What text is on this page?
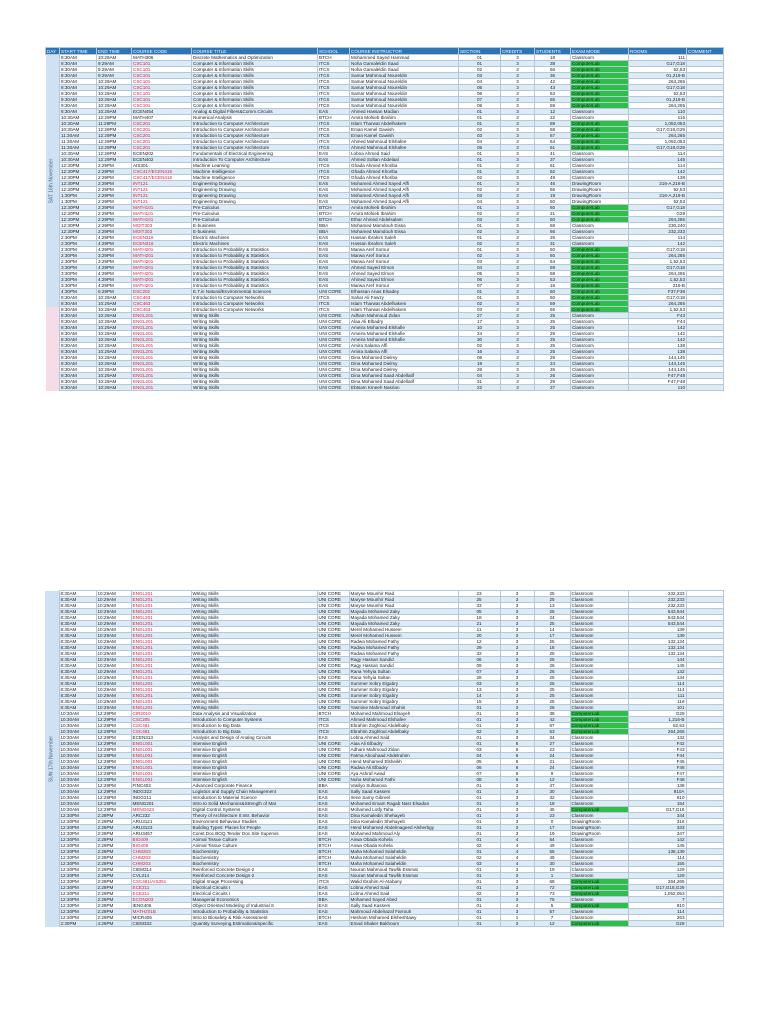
DAY	START TIME	END TIME	COURSE CODE	COURSE TITLE	SCHOOL	COURSE INSTRUCTOR	SECTION	CREDITS	STUDENTS	EXAM MODE	ROOMS	COMMENT

SAT 16th November	8:30AM	10:29AM	MATH306	Discrete Mathematics and Optimization	BTCH	Mohammed Sayed Hammad	01	3	18	Classroom	111	
	8:30AM	9:29AM	CSC101	Computer & Information Skills	ITCS	Noha Gamaleldin Saad	01	3	38	ComputerLab	G17,G18	
	8:30AM	9:29AM	CSC101	Computer & Information Skills	ITCS	Noha Gamaleldin Saad	02	3	56	ComputerLab	52,53	
	8:30AM	9:29AM	CSC101	Computer & Information Skills	ITCS	Samar Mahmoud Noureldin	03	3	36	ComputerLab	01,216-B	
	8:30AM	10:29AM	CSC101	Computer & Information Skills	ITCS	Samar Mahmoud Noureldin	04	3	42	ComputerLab	264,265	
	8:30AM	10:29AM	CSC101	Computer & Information Skills	ITCS	Samar Mahmoud Noureldin	05	3	43	ComputerLab	G17,G18	
	8:30AM	10:29AM	CSC101	Computer & Information Skills	ITCS	Samar Mahmoud Noureldin	06	3	53	ComputerLab	52,53	
	9:30AM	10:29AM	CSC101	Computer & Information Skills	ITCS	Samar Mahmoud Noureldin	07	3	65	ComputerLab	01,216-B	
	9:30AM	10:29AM	CSC101	Computer & Information Skills	ITCS	Samar Mahmoud Noureldin	08	3	59	ComputerLab	264,265	
	8:30AM	10:29AM	ECEN454	Analog & Digital Filters&Comm.Circuits	EAS	Ahmed Hassan Madian	01	3	12	Classroom	110	
	10:30AM	12:29PM	MATH407	Numerical Analysis	BTCH	Amira Mohieb Ibrahim	01	3	22	Classroom	116	
	10:30AM	11:29PM	CSC201	Introduction to Computer Architecture	ITCS	Islam Tharwat Abdelhakem	01	3	89	ComputerLab	1,052,053	
	10:30AM	12:29PM	CSC201	Introduction to Computer Architecture	ITCS	Eman Kamel Gawish	02	3	68	ComputerLab	G17,G18,G29	
	11:30AM	12:29PM	CSC201	Introduction to Computer Architecture	ITCS	Eman Kamel Gawish	03	3	67	ComputerLab	264,265	
	11:30AM	12:29PM	CSC201	Introduction to Computer Architecture	ITCS	Ahmed Mahmoud Elshafee	04	3	64	ComputerLab	1,052,053	
	11:30AM	12:29PM	CSC201	Introduction to Computer Architecture	ITCS	Ahmed Mahmoud Elshafee	05	3	61	ComputerLab	G17,G18,G29	
	10:30AM	12:29PM	ECEN202	Fundamentals of Electrical Engineering	EAS	Lobna Ahmed Said	01	3	41	Classroom	114	
	10:30AM	12:29PM	ECEN402	Introduction To Computer Architecture	EAS	Ahmed Soltan Abdelaal	01	3	37	Classroom	145	
	12:30PM	2:29PM	AIS301	Machine Learning	ITCS	Ghada Ahmed Khoriba	01	3	61	Classroom	114	
	12:30PM	2:29PM	CSC417/ECEN415	Machine Intelligence	ITCS	Ghada Ahmed Khoriba	01	3	52	Classroom	142	
	12:30PM	2:29PM	CSC417/ECEN415	Machine Intelligence	ITCS	Ghada Ahmed Khoriba	02	3	49	Classroom	138	
	12:30PM	2:29PM	INT121	Engineering Drawing	EAS	Mohamed Ahmed Sayed Affi	01	3	46	DrawingRoom	216-A,216-B	
	12:30PM	2:29PM	INT121	Engineering Drawing	EAS	Mohamed Ahmed Sayed Affi	02	3	56	DrawingRoom	52,53	
	1:30PM	2:29PM	INT121	Engineering Drawing	EAS	Mohamed Ahmed Sayed Affi	03	3	19	DrawingRoom	216-A,216-B	
	1:30PM	2:29PM	INT121	Engineering Drawing	EAS	Mohamed Ahmed Sayed Affi	04	3	60	DrawingRoom	52,53	
	12:30PM	2:29PM	MATH101	Pre-Calculus	BTCH	Amira Mohieb Ibrahim	01	3	60	ComputerLab	G17,G18	
	12:30PM	2:29PM	MATH101	Pre-Calculus	BTCH	Amira Mohieb Ibrahim	02	3	21	ComputerLab	G29	
	12:30PM	2:29PM	MATH101	Pre-Calculus	BTCH	Ethar Ahmed Abdelsalam	03	3	50	ComputerLab	264,265	
	12:30PM	2:29PM	MOIT303	E-business	BBA	Mohamed Mamdouh Eissa	01	3	68	Classroom	230,240	
	12:30PM	2:29PM	MOIT303	E-business	BBA	Mohamed Mamdouh Eissa	02	3	66	Classroom	232,233	
	2:30PM	4:29PM	ECEN316	Electric Machines	EAS	Hassan Ibrahim Saleh	01	3	25	Classroom	114	
	2:30PM	4:29PM	ECEN316	Electric Machines	EAS	Hassan Ibrahim Saleh	02	3	31	Classroom	142	
	2:30PM	4:29PM	MATH201	Introduction to Probability & Statistics	EAS	Marwa Aref Sorour	01	3	60	ComputerLab	G17,G18	
	2:30PM	3:29PM	MATH201	Introduction to Probability & Statistics	EAS	Marwa Aref Sorour	02	3	60	ComputerLab	264,265	
	2:30PM	3:29PM	MATH201	Introduction to Probability & Statistics	EAS	Marwa Aref Sorour	03	3	54	ComputerLab	1,52,53	
	3:30PM	4:29PM	MATH201	Introduction to Probability & Statistics	EAS	Ahmed Sayed Elmon	04	3	59	ComputerLab	G17,G18	
	3:30PM	4:29PM	MATH201	Introduction to Probability & Statistics	EAS	Ahmed Sayed Elmon	05	3	58	ComputerLab	264,265	
	3:30PM	4:29PM	MATH201	Introduction to Probability & Statistics	EAS	Ahmed Sayed Elmon	06	3	53	ComputerLab	1,52,53	
	3:30PM	4:29PM	MATH201	Introduction to Probability & Statistics	EAS	Marwa Aref Sorour	07	3	15	ComputerLab	216-B	
	4:30PM	6:29PM	ESC202	E.T.in Natural/Environmental Sciences	UNI CORE	Elhassan Anas Elsadey	01	3	60	ComputerLab	F37,F38	
	8:30AM	10:29AM	CSC463	Introduction to Computer Networks	ITCS	Sahar Ali Fawzy	01	3	60	ComputerLab	G17,G18	
	8:30AM	10:29AM	CSC463	Introduction to Computer Networks	ITCS	Islam Tharwat Abdelhakem	02	3	59	ComputerLab	264,265	

	8:30AM	10:29AM	CSC463	Introduction to Computer Networks	ITCS	Islam Tharwat Abdelhakem	03	3	56	ComputerLab	1,52,53	
	8:30AM	10:29AM	ENGL201	Writing Skills	UNI CORE	Adham Mahmoud Zidan	27	3	25	Classroom	F43	
	8:30AM	10:29AM	ENGL201	Writing Skills	UNI CORE	Alaa Ali Elbadry	17	3	25	Classroom	F44	
	8:30AM	10:29AM	ENGL201	Writing Skills	UNI CORE	Ameira Mohamed Elshafie	10	3	25	Classroom	142	
	8:30AM	10:29AM	ENGL201	Writing Skills	UNI CORE	Ameira Mohamed Elshafie	24	3	25	Classroom	142	
	8:30AM	10:29AM	ENGL201	Writing Skills	UNI CORE	Ameira Mohamed Elshafie	30	3	25	Classroom	142	
	8:30AM	10:29AM	ENGL201	Writing Skills	UNI CORE	Amira Salama Affi	02	3	25	Classroom	138	
	8:30AM	10:29AM	ENGL201	Writing Skills	UNI CORE	Amira Salama Affi	16	3	25	Classroom	138	
	8:30AM	10:29AM	ENGL201	Writing Skills	UNI CORE	Dina Mohamed Dielmy	08	3	25	Classroom	144,145	
	8:30AM	10:29AM	ENGL201	Writing Skills	UNI CORE	Dina Mohamed Dielmy	19	3	24	Classroom	144,145	
	8:30AM	10:29AM	ENGL201	Writing Skills	UNI CORE	Dina Mohamed Dielmy	26	3	26	Classroom	144,145	
	8:30AM	10:29AM	ENGL201	Writing Skills	UNI CORE	Dina Mohamed Saad Abdellatif	04	3	26	Classroom	F47,F48	
	8:30AM	10:29AM	ENGL201	Writing Skills	UNI CORE	Dina Mohamed Saad Abdellatif	31	3	25	Classroom	F47,F48	
	8:30AM	10:29AM	ENGL201	Writing Skills	UNI CORE	Ebtsam Kmeeh Nasrian	22	3	27	Classroom	110	
SUN 17th November	8:30AM	10:29AM	ENGL201	Writing Skills	UNI CORE	Maryse Mounhir Riad	23	3	25	Classroom	232,233	
	8:30AM	10:29AM	ENGL201	Writing Skills	UNI CORE	Maryse Mounhir Riad	25	3	25	Classroom	232,233	
	8:30AM	10:29AM	ENGL201	Writing Skills	UNI CORE	Maryse Mounhir Riad	33	3	13	Classroom	232,233	
	8:30AM	10:29AM	ENGL201	Writing Skills	UNI CORE	Mayada Mohamed Zaky	05	3	25	Classroom	543,544	
	8:30AM	10:29AM	ENGL201	Writing Skills	UNI CORE	Mayada Mohamed Zaky	18	3	24	Classroom	543,544	
	8:30AM	10:29AM	ENGL201	Writing Skills	UNI CORE	Mayada Mohamed Zaky	21	3	25	Classroom	543,544	
	8:30AM	10:29AM	ENGL201	Writing Skills	UNI CORE	Merel Mohamed Hussein	11	3	14	Classroom	139	
	8:30AM	10:29AM	ENGL201	Writing Skills	UNI CORE	Merel Mohamed Hussein	20	3	17	Classroom	139	
	8:30AM	10:29AM	ENGL201	Writing Skills	UNI CORE	Radwa Mohamed Fathy	12	3	25	Classroom	132,134	
	8:30AM	10:29AM	ENGL201	Writing Skills	UNI CORE	Radwa Mohamed Fathy	29	3	18	Classroom	132,134	
	8:30AM	10:29AM	ENGL201	Writing Skills	UNI CORE	Radwa Mohamed Fathy	32	3	25	Classroom	132,134	
	8:30AM	10:29AM	ENGL201	Writing Skills	UNI CORE	Ragy Hassan Sandid	06	3	25	Classroom	144	
	8:30AM	10:29AM	ENGL201	Writing Skills	UNI CORE	Ragy Hassan Sandid	09	3	26	Classroom	145	
	8:30AM	10:29AM	ENGL201	Writing Skills	UNI CORE	Rana Yehyia Sultan	07	3	26	Classroom	132	
	8:30AM	10:29AM	ENGL201	Writing Skills	UNI CORE	Rana Yehyia Sultan	28	3	25	Classroom	134	
	8:30AM	10:29AM	ENGL201	Writing Skills	UNI CORE	Summer Sobry Elgabry	03	3	25	Classroom	114	
	8:30AM	10:29AM	ENGL201	Writing Skills	UNI CORE	Summer Sobry Elgabry	13	3	25	Classroom	114	
	8:30AM	10:29AM	ENGL201	Writing Skills	UNI CORE	Summer Sobry Elgabry	14	3	25	Classroom	111	
	8:30AM	10:29AM	ENGL201	Writing Skills	UNI CORE	Summer Sobry Elgabry	15	3	25	Classroom	116	
	8:30AM	10:29AM	ENGL201	Writing Skills	UNI CORE	Yasmine Mahmoud Shahin	01	3	26	Classroom	101	
	10:30AM	12:29PM	CIR2010	Data Analysis and Visualization	BTCH	Mohamed Mahmoud Elsayeh	01	3	38	ComputerLab	G29	
	10:30AM	12:29PM	CSC205	Introduction to Computer Systems	ITCS	Ahmed Mahmoud Elshafee	01	3	42	ComputerLab	1,216-B	
	10:30AM	12:29PM	CSC461	Introduction to Big Data	ITCS	Ebrahim Zoghloul Abdelbaky	01	3	67	ComputerLab	52,53	
	10:30AM	12:29PM	CSC461	Introduction to Big Data	ITCS	Ebrahim Zoghloul Abdelbaky	02	3	53	ComputerLab	264,265	
	10:30AM	12:29PM	ECEN313	Analysis and Design of Analog Circuits	EAS	Lobna Ahmed Said	01	3	34	Classroom	132	
	10:30AM	12:29PM	ENGL001	Intensive English	UNI CORE	Alaa Ali Elbadry	01	6	27	Classroom	F42	
	10:30AM	12:29PM	ENGL001	Intensive English	UNI CORE	Adham Mahmoud Zidan	03	6	23	Classroom	F43	
	10:30AM	12:29PM	ENGL001	Intensive English	UNI CORE	Fatma Abouhaad Abdelrahim	04	6	24	Classroom	F44	
	10:30AM	12:29PM	ENGL001	Intensive English	UNI CORE	Hend Mohamed Elsheikh	05	6	21	Classroom	F45	
	10:30AM	12:29PM	ENGL001	Intensive English	UNI CORE	Radwa Ali Elbadry	06	6	24	Classroom	F46	
	10:30AM	12:29PM	ENGL001	Intensive English	UNI CORE	Aya Ashraf Awad	07	6	9	Classroom	F47	
	10:30AM	12:29PM	ENGL001	Intensive English	UNI CORE	Nuha Mohamed Fathi	08	6	12	Classroom	F48	
	10:30AM	12:29PM	FINC402	Advanced Corporate Finance	BBA	Vasilyo Sultanova	01	3	47	Classroom	138	
	10:30AM	12:29PM	INDG322	Logistics and Supply Chain Management	EAS	Sally Saad Kassem	01	3	30	Classroom	810A	
	10:30AM	12:29PM	INDG211	Introduction to Material Science	EAS	Irene Samy Gibreel	01	3	32	Classroom	810	
	10:30AM	12:29PM	MENG201	Intro.to Solid Mechanics&Strength of Mat	EAS	Mohamed Emam Ragab Nasr Elsadan	01	3	18	Classroom	154	
	10:30AM	12:29PM	MENG423	Digital Control Systems	EAS	Mohamed Lotfy Taha	01	3	45	ComputerLab	G17,G18	
	12:30PM	2:29PM	ARC232	Theory of Architecture II:Intr. Behavior	EAS	Dina Kamaledin Shehayeb	01	3	23	Classroom	344	
	12:30PM	2:29PM	ARU3121	Environment Behaviour Studies	EAS	Dina Kamaledin Shehayeb	01	3	0	DrawingRoom	316	
	12:30PM	2:29PM	ARU3123	Building Types: Places for People	EAS	Hend Mohamed Abdelmageed Alsherbgy	01	3	17	DrawingRoom	333	
	12:30PM	2:29PM	ARU3457	Const.Doc.BOQ.Tender Doc.Site Supervis	EAS	Mohamed Mahmoud Aly	01	3	19	DrawingRoom	347	
	12:30PM	2:29PM	BIO409	Animal Tissue Culture	BTCH	Anwa Obada Kohela	01	4	54	Classroom	142	
	12:30PM	2:29PM	BIO409	Animal Tissue Culture	BTCH	Anwa Obada Kohela	02	4	49	Classroom	145	
	12:30PM	2:29PM	CHM203	Biochemistry	BTCH	Maha Mohamed Salaheldin	01	4	55	Classroom	138,139	
	12:30PM	2:29PM	CHM203	Biochemistry	BTCH	Maha Mohamed Salaheldin	02	4	49	Classroom	114	
	12:30PM	2:29PM	CHM203	Biochemistry	BTCH	Maha Mohamed Salaheldin	03	4	30	Classroom	155	
	12:30PM	2:29PM	CIEM314	Reinforced Concrete Design-2	EAS	Nouran Mahmoud Tawfik Essmat	01	3	19	Classroom	129	
	12:30PM	2:29PM	CVL314	Reinforced Concrete Design-2	EAS	Nouran Mahmoud Tawfik Essmat	01	3	1	Classroom	129	
	12:30PM	2:29PM	CSC461/AIS351	Digital Image Processing	ITCS	Walid Ibrahim Al-Atabany	01	3	68	ComputerLab	264,265	
	12:30PM	2:29PM	ECE211	Electrical Circuits I	EAS	Lobna Ahmed Said	01	3	72	ComputerLab	G17,G18,G29	
	12:30PM	2:29PM	ECE211	Electrical Circuits I	EAS	Lobna Ahmed Said	02	3	73	ComputerLab	1,052,053	
	12:30PM	2:29PM	ECON203	Managerial Economics	BBA	Mohamed Sayed Abed	01	3	75	Classroom	7	
	12:30PM	2:29PM	IENG406	Object Oriented Modeling of Industrial S	EAS	Sally Saad Kassem	01	4	5	ComputerLab	810	
	12:30PM	2:29PM	MATH201B	Introduction to Probability & Statistics	EAS	Mahmoud Abdelrazaf Farrouh	01	3	57	Classroom	114	
	12:30PM	2:29PM	MICR405	Intro.to Biosafety & Risk Assessment	BTCH	Hesham Mohamed Elsheshtawy	01	1	7	Classroom	263	
	2:30PM	4:29PM	CIEM332	Quantity Surveying,Estimation&Specific.	EAS	Emad Shaker Bakhoum	01	3	12	ComputerLab	G29	
